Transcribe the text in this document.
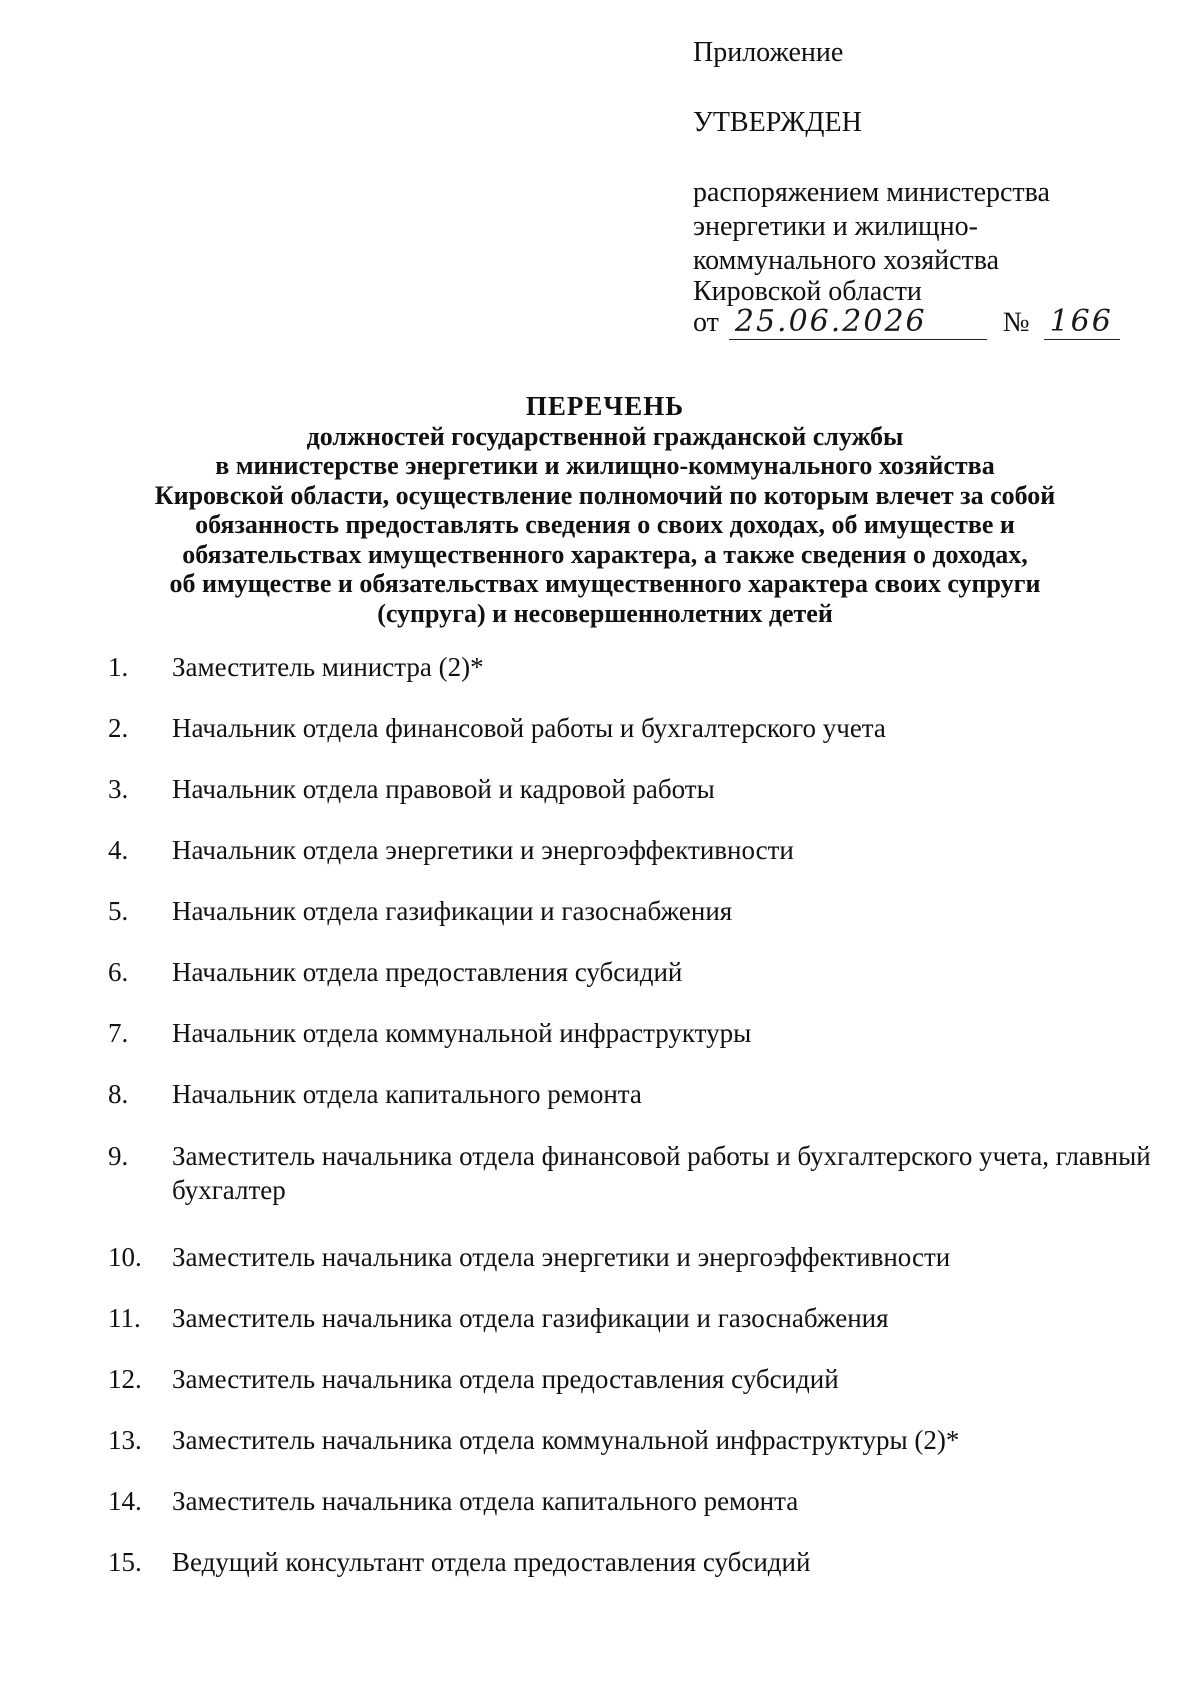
Приложение
УТВЕРЖДЕН
распоряжением министерства
энергетики и жилищно-
коммунального хозяйства
Кировской области
от 25.06.2026	№ 166
ПЕРЕЧЕНЬ
должностей государственной гражданской службы
в министерстве энергетики и жилищно-коммунального хозяйства
Кировской области, осуществление полномочий по которым влечет за собой
обязанность предоставлять сведения о своих доходах, об имуществе и
обязательствах имущественного характера, а также сведения о доходах,
об имуществе и обязательствах имущественного характера своих супруги
(супруга) и несовершеннолетних детей
1.	Заместитель министра (2)*
2.	Начальник отдела финансовой работы и бухгалтерского учета
3.	Начальник отдела правовой и кадровой работы
4.	Начальник отдела энергетики и энергоэффективности
5.	Начальник отдела газификации и газоснабжения
6.	Начальник отдела предоставления субсидий
7.	Начальник отдела коммунальной инфраструктуры
8.	Начальник отдела капитального ремонта
9.	Заместитель начальника отдела финансовой работы и бухгалтерского учета, главный бухгалтер
10.	Заместитель начальника отдела энергетики и энергоэффективности
11.	Заместитель начальника отдела газификации и газоснабжения
12.	Заместитель начальника отдела предоставления субсидий
13.	Заместитель начальника отдела коммунальной инфраструктуры (2)*
14.	Заместитель начальника отдела капитального ремонта
15.	Ведущий консультант отдела предоставления субсидий
